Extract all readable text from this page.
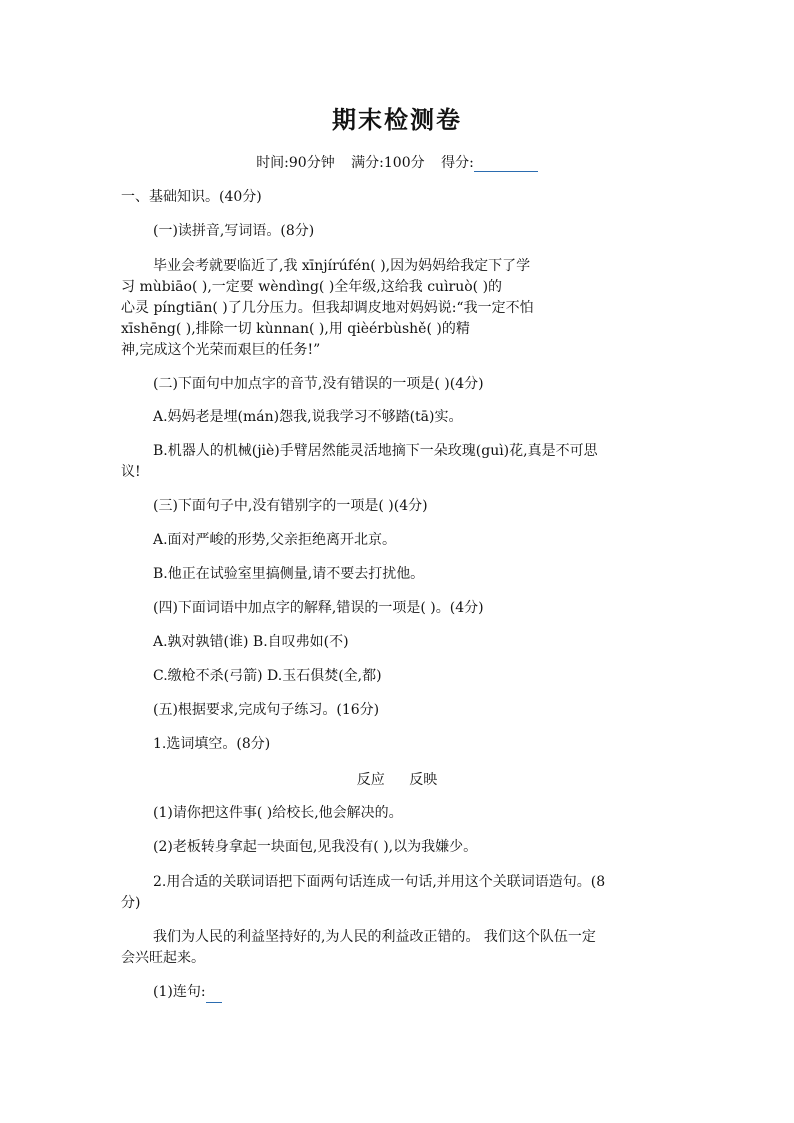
期末检测卷
时间:90分钟 满分:100分 得分:
一、基础知识。(40分)
(一)读拼音,写词语。(8分)
毕业会考就要临近了,我 xīnjírúfén( ),因为妈妈给我定下了学
习 mùbiāo( ),一定要 wèndìng( )全年级,这给我 cuìruò( )的
心灵 píngtiān( )了几分压力。但我却调皮地对妈妈说:“我一定不怕
xīshēng( ),排除一切 kùnnan( ),用 qièérbùshě( )的精
神,完成这个光荣而艰巨的任务!”
(二)下面句中加点字的音节,没有错误的一项是( )(4分)
A.妈妈老是埋(mán)怨我,说我学习不够踏(tā)实。
B.机器人的机械(jiè)手臂居然能灵活地摘下一朵玫瑰(guì)花,真是不可思
议!
(三)下面句子中,没有错别字的一项是( )(4分)
A.面对严峻的形势,父亲拒绝离开北京。
B.他正在试验室里搞侧量,请不要去打扰他。
(四)下面词语中加点字的解释,错误的一项是( )。(4分)
A.孰对孰错(谁) B.自叹弗如(不)
C.缴枪不杀(弓箭) D.玉石俱焚(全,都)
(五)根据要求,完成句子练习。(16分)
1.选词填空。(8分)
反应 反映
(1)请你把这件事( )给校长,他会解决的。
(2)老板转身拿起一块面包,见我没有( ),以为我嫌少。
2.用合适的关联词语把下面两句话连成一句话,并用这个关联词语造句。(8
分)
我们为人民的利益坚持好的,为人民的利益改正错的。 我们这个队伍一定
会兴旺起来。
(1)连句:
